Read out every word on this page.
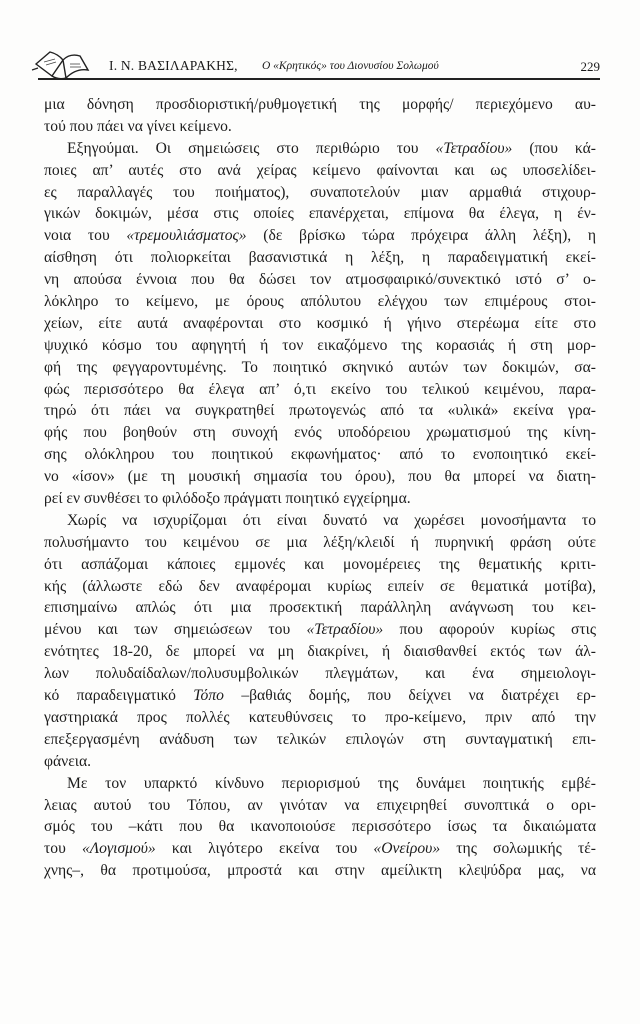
Ι. Ν. ΒΑΣΙΛΑΡΑΚΗΣ, Ο «Κρητικός» του Διονυσίου Σολωμού	229

μια δόνηση προσδιοριστική/ρυθμογετική της μορφής/ περιεχόμενο αυ-
τού που πάει να γίνει κείμενο.

Εξηγούμαι. Οι σημειώσεις στο περιθώριο του «Τετραδίου» (που κά-
ποιες απ’ αυτές στο ανά χείρας κείμενο φαίνονται και ως υποσελίδει-
ες παραλλαγές του ποιήματος), συναποτελούν μιαν αρμαθιά στιχουρ-
γικών δοκιμών, μέσα στις οποίες επανέρχεται, επίμονα θα έλεγα, η έν-
νοια του «τρεμουλιάσματος» (δε βρίσκω τώρα πρόχειρα άλλη λέξη), η
αίσθηση ότι πολιορκείται βασανιστικά η λέξη, η παραδειγματική εκεί-
νη απούσα έννοια που θα δώσει τον ατμοσφαιρικό/συνεκτικό ιστό σ’ ο-
λόκληρο το κείμενο, με όρους απόλυτου ελέγχου των επιμέρους στοι-
χείων, είτε αυτά αναφέρονται στο κοσμικό ή γήινο στερέωμα είτε στο
ψυχικό κόσμο του αφηγητή ή τον εικαζόμενο της κορασιάς ή στη μορ-
φή της φεγγαροντυμένης. Το ποιητικό σκηνικό αυτών των δοκιμών, σα-
φώς περισσότερο θα έλεγα απ’ ό,τι εκείνο του τελικού κειμένου, παρα-
τηρώ ότι πάει να συγκρατηθεί πρωτογενώς από τα «υλικά» εκείνα γρα-
φής που βοηθούν στη συνοχή ενός υποδόρειου χρωματισμού της κίνη-
σης ολόκληρου του ποιητικού εκφωνήματος· από το ενοποιητικό εκεί-
νο «ίσον» (με τη μουσική σημασία του όρου), που θα μπορεί να διατη-
ρεί εν συνθέσει το φιλόδοξο πράγματι ποιητικό εγχείρημα.

Χωρίς να ισχυρίζομαι ότι είναι δυνατό να χωρέσει μονοσήμαντα το
πολυσήμαντο του κειμένου σε μια λέξη/κλειδί ή πυρηνική φράση ούτε
ότι ασπάζομαι κάποιες εμμονές και μονομέρειες της θεματικής κριτι-
κής (άλλωστε εδώ δεν αναφέρομαι κυρίως ειπείν σε θεματικά μοτίβα),
επισημαίνω απλώς ότι μια προσεκτική παράλληλη ανάγνωση του κει-
μένου και των σημειώσεων του «Τετραδίου» που αφορούν κυρίως στις
ενότητες 18-20, δε μπορεί να μη διακρίνει, ή διαισθανθεί εκτός των άλ-
λων πολυδαίδαλων/πολυσυμβολικών πλεγμάτων, και ένα σημειολογι-
κό παραδειγματικό Τόπο –βαθιάς δομής, που δείχνει να διατρέχει ερ-
γαστηριακά προς πολλές κατευθύνσεις το προ-κείμενο, πριν από την
επεξεργασμένη ανάδυση των τελικών επιλογών στη συνταγματική επι-
φάνεια.

Με τον υπαρκτό κίνδυνο περιορισμού της δυνάμει ποιητικής εμβέ-
λειας αυτού του Τόπου, αν γινόταν να επιχειρηθεί συνοπτικά ο ορι-
σμός του –κάτι που θα ικανοποιούσε περισσότερο ίσως τα δικαιώματα
του «Λογισμού» και λιγότερο εκείνα του «Ονείρου» της σολωμικής τέ-
χνης–, θα προτιμούσα, μπροστά και στην αμείλικτη κλεψύδρα μας, να
